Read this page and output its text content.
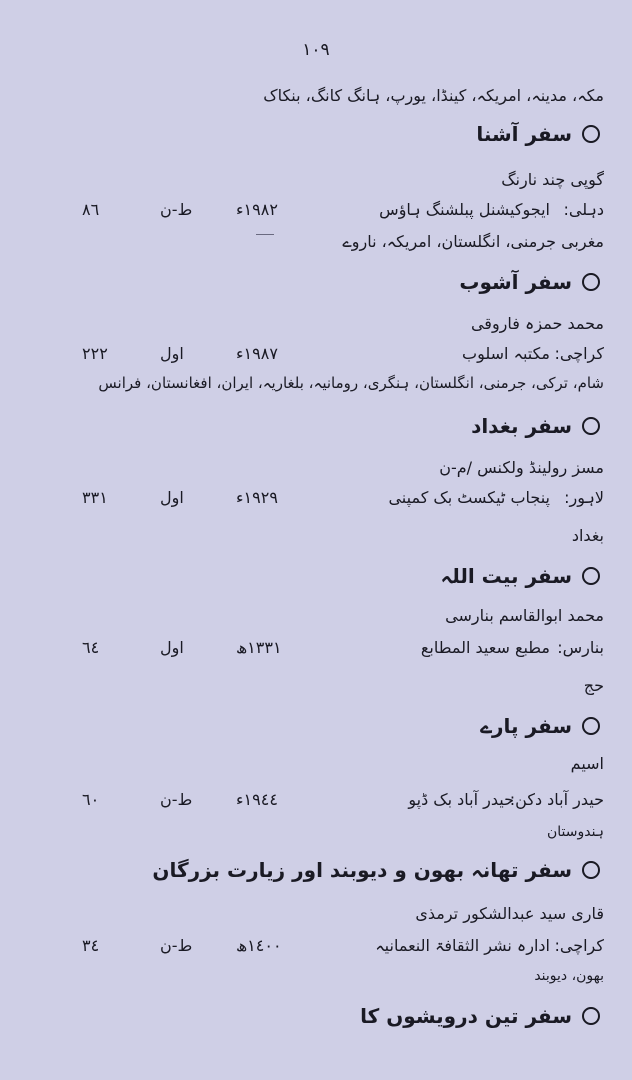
١٠٩
مکہ، مدینہ، امریکہ، کینڈا، یورپ، ہانگ کانگ، بنکاک
سفر آشنا
گوپی چند نارنگ
دہلی:
ایجوکیشنل پبلشنگ ہاؤس
١٩٨٢ء
ط-ن
٨٦
مغربی جرمنی، انگلستان، امریکہ، ناروے
سفر آشوب
محمد حمزہ فاروقی
کراچی:
مکتبہ اسلوب
١٩٨٧ء
اول
٢٢٢
شام، ترکی، جرمنی، انگلستان، ہنگری، رومانیہ، بلغاریہ، ایران، افغانستان، فرانس
سفر بغداد
مسز رولینڈ ولکنس /م-ن
لاہور:
پنجاب ٹیکسٹ بک کمپنی
١٩٢٩ء
اول
٣٣١
بغداد
سفر بیت اللہ
محمد ابوالقاسم بنارسی
بنارس:
مطبع سعید المطابع
١٣٣١ھ
اول
٦٤
حج
سفر پارے
اسیم
حیدر آباد دکن:
حیدر آباد بک ڈپو
١٩٤٤ء
ط-ن
٦٠
ہندوستان
سفر تھانہ بھون و دیوبند اور زیارت بزرگان
قاری سید عبدالشکور ترمذی
کراچی:
ادارہ نشر الثقافۃ النعمانیہ
١٤٠٠ھ
ط-ن
٣٤
بھون، دیوبند
سفر تین درویشوں کا
